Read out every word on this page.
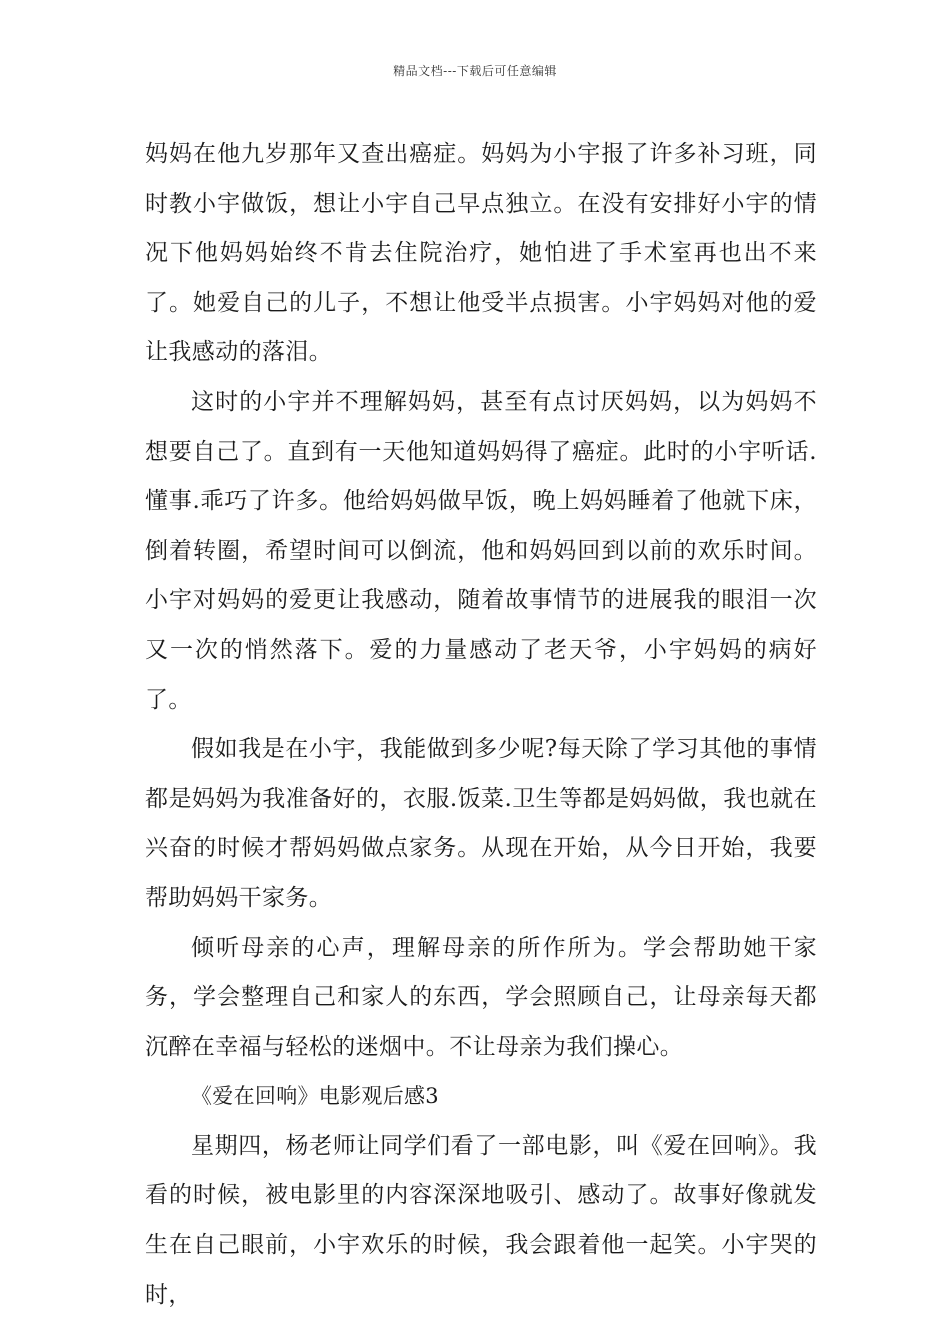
精品文档---下载后可任意编辑

妈妈在他九岁那年又查出癌症。妈妈为小宇报了许多补习班，同时教小宇做饭，想让小宇自己早点独立。在没有安排好小宇的情况下他妈妈始终不肯去住院治疗，她怕进了手术室再也出不来了。她爱自己的儿子，不想让他受半点损害。小宇妈妈对他的爱让我感动的落泪。

这时的小宇并不理解妈妈，甚至有点讨厌妈妈，以为妈妈不想要自己了。直到有一天他知道妈妈得了癌症。此时的小宇听话.懂事.乖巧了许多。他给妈妈做早饭，晚上妈妈睡着了他就下床，倒着转圈，希望时间可以倒流，他和妈妈回到以前的欢乐时间。小宇对妈妈的爱更让我感动，随着故事情节的进展我的眼泪一次又一次的悄然落下。爱的力量感动了老天爷，小宇妈妈的病好了。

假如我是在小宇，我能做到多少呢?每天除了学习其他的事情都是妈妈为我准备好的，衣服.饭菜.卫生等都是妈妈做，我也就在兴奋的时候才帮妈妈做点家务。从现在开始，从今日开始，我要帮助妈妈干家务。

倾听母亲的心声，理解母亲的所作所为。学会帮助她干家务，学会整理自己和家人的东西，学会照顾自己，让母亲每天都沉醉在幸福与轻松的迷烟中。不让母亲为我们操心。

《爱在回响》电影观后感3

星期四，杨老师让同学们看了一部电影，叫《爱在回响》。我看的时候，被电影里的内容深深地吸引、感动了。故事好像就发生在自己眼前，小宇欢乐的时候，我会跟着他一起笑。小宇哭的时，
